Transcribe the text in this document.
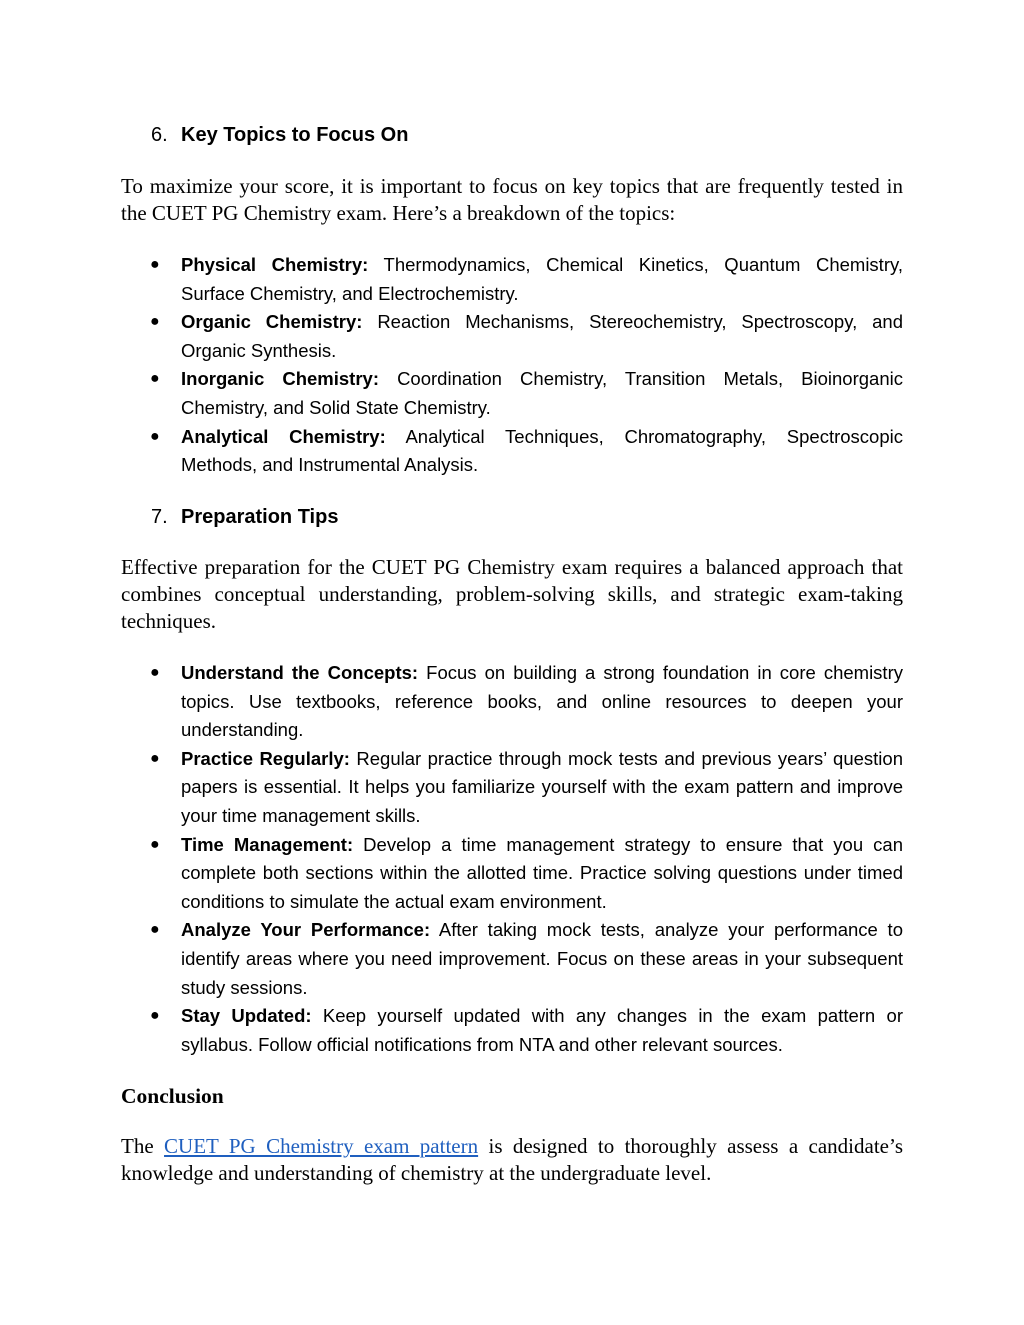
6. Key Topics to Focus On

To maximize your score, it is important to focus on key topics that are frequently tested in the CUET PG Chemistry exam. Here’s a breakdown of the topics:

● Physical Chemistry: Thermodynamics, Chemical Kinetics, Quantum Chemistry, Surface Chemistry, and Electrochemistry.
● Organic Chemistry: Reaction Mechanisms, Stereochemistry, Spectroscopy, and Organic Synthesis.
● Inorganic Chemistry: Coordination Chemistry, Transition Metals, Bioinorganic Chemistry, and Solid State Chemistry.
● Analytical Chemistry: Analytical Techniques, Chromatography, Spectroscopic Methods, and Instrumental Analysis.
7. Preparation Tips

Effective preparation for the CUET PG Chemistry exam requires a balanced approach that combines conceptual understanding, problem-solving skills, and strategic exam-taking techniques.

● Understand the Concepts: Focus on building a strong foundation in core chemistry topics. Use textbooks, reference books, and online resources to deepen your understanding.
● Practice Regularly: Regular practice through mock tests and previous years’ question papers is essential. It helps you familiarize yourself with the exam pattern and improve your time management skills.
● Time Management: Develop a time management strategy to ensure that you can complete both sections within the allotted time. Practice solving questions under timed conditions to simulate the actual exam environment.
● Analyze Your Performance: After taking mock tests, analyze your performance to identify areas where you need improvement. Focus on these areas in your subsequent study sessions.
● Stay Updated: Keep yourself updated with any changes in the exam pattern or syllabus. Follow official notifications from NTA and other relevant sources.
Conclusion

The CUET PG Chemistry exam pattern is designed to thoroughly assess a candidate’s knowledge and understanding of chemistry at the undergraduate level.
